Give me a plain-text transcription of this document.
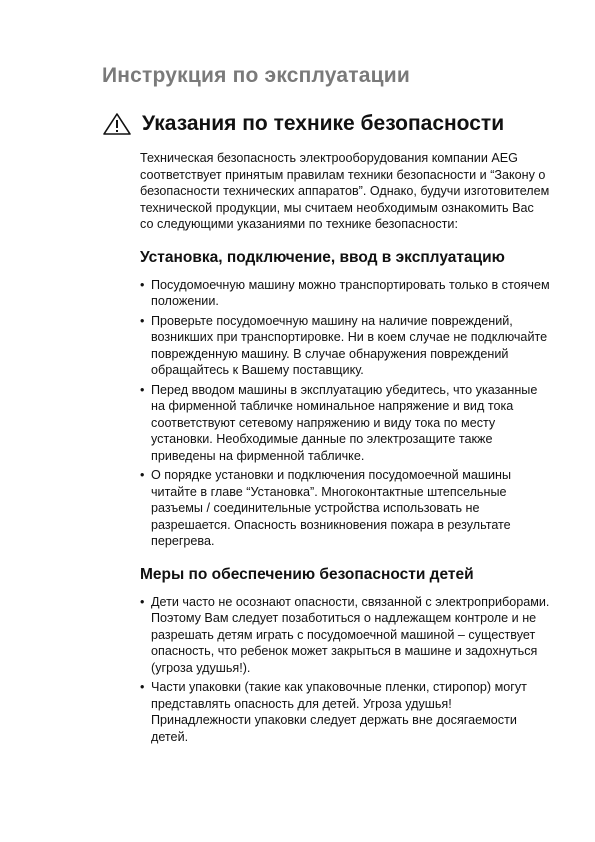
Инструкция по эксплуатации
Указания по технике безопасности

Техническая безопасность электрооборудования компании AEG соответствует принятым правилам техники безопасности и “Закону о безопасности технических аппаратов”. Однако, будучи изготовителем технической продукции, мы считаем необходимым ознакомить Вас со следующими указаниями по технике безопасности:

Установка, подключение, ввод в эксплуатацию
• Посудомоечную машину можно транспортировать только в стоячем положении.
• Проверьте посудомоечную машину на наличие повреждений, возникших при транспортировке. Ни в коем случае не подключайте поврежденную машину. В случае обнаружения повреждений обращайтесь к Вашему поставщику.
• Перед вводом машины в эксплуатацию убедитесь, что указанные на фирменной табличке номинальное напряжение и вид тока соответствуют сетевому напряжению и виду тока по месту установки. Необходимые данные по электрозащите также приведены на фирменной табличке.
• О порядке установки и подключения посудомоечной машины читайте в главе “Установка”. Многоконтактные штепсельные разъемы / соединительные устройства использовать не разрешается. Опасность возникновения пожара в результате перегрева.
Меры по обеспечению безопасности детей
• Дети часто не осознают опасности, связанной с электроприборами. Поэтому Вам следует позаботиться о надлежащем контроле и не разрешать детям играть с посудомоечной машиной – существует опасность, что ребенок может закрыться в машине и задохнуться (угроза удушья!).
• Части упаковки (такие как упаковочные пленки, стиропор) могут представлять опасность для детей. Угроза удушья! Принадлежности упаковки следует держать вне досягаемости детей.
